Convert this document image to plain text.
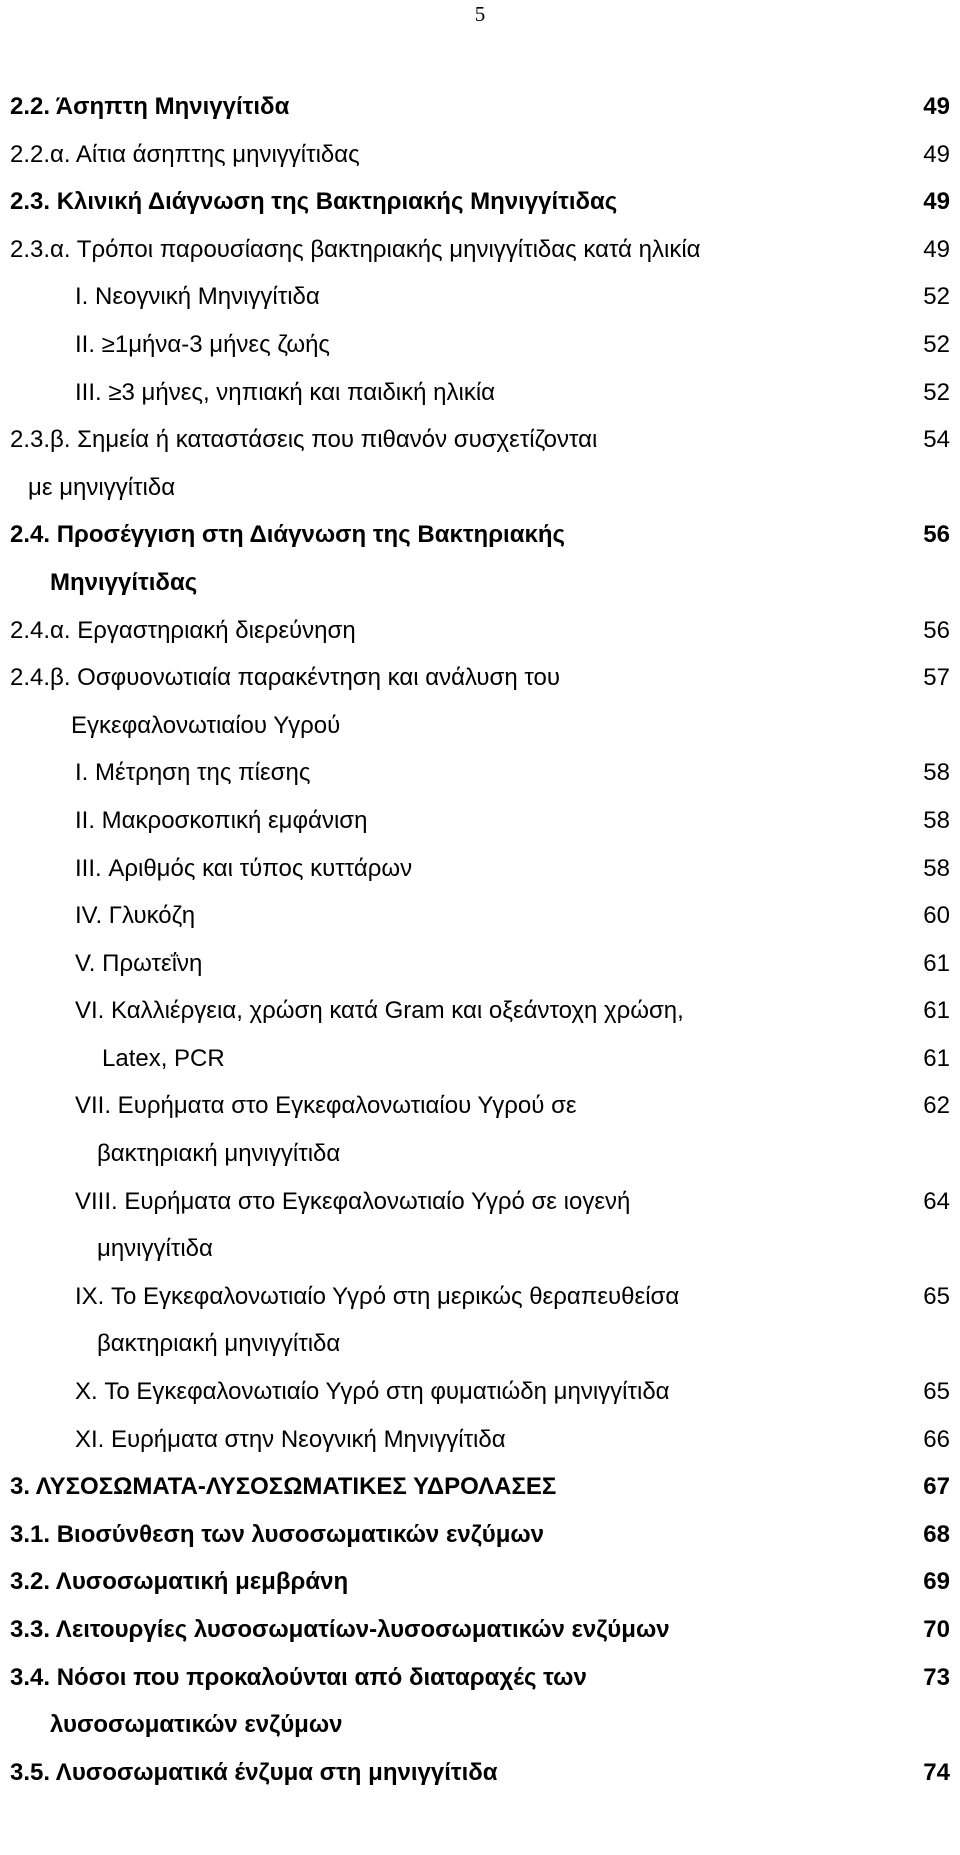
5
2.2. Άσηπτη Μηνιγγίτιδα	49
2.2.α. Αίτια άσηπτης μηνιγγίτιδας	49
2.3. Κλινική Διάγνωση της Βακτηριακής Μηνιγγίτιδας	49
2.3.α. Τρόποι παρουσίασης βακτηριακής μηνιγγίτιδας κατά ηλικία	49
I. Νεογνική Μηνιγγίτιδα	52
II. ≥1μήνα-3 μήνες ζωής	52
III. ≥3 μήνες, νηπιακή και παιδική ηλικία	52
2.3.β. Σημεία ή καταστάσεις που πιθανόν συσχετίζονται	54
με μηνιγγίτιδα
2.4. Προσέγγιση στη Διάγνωση της Βακτηριακής	56
Μηνιγγίτιδας
2.4.α. Εργαστηριακή διερεύνηση	56
2.4.β. Οσφυονωτιαία παρακέντηση και ανάλυση του	57
Εγκεφαλονωτιαίου Υγρού
I. Μέτρηση της πίεσης	58
II. Μακροσκοπική εμφάνιση	58
III. Αριθμός και τύπος κυττάρων	58
IV. Γλυκόζη	60
V. Πρωτεΐνη	61
VI. Καλλιέργεια, χρώση κατά Gram και οξεάντοχη χρώση,	61
Latex, PCR	61
VII. Ευρήματα στο Εγκεφαλονωτιαίου Υγρού σε	62
βακτηριακή μηνιγγίτιδα
VIII. Ευρήματα στο Εγκεφαλονωτιαίο Υγρό σε ιογενή	64
μηνιγγίτιδα
IX. Το Εγκεφαλονωτιαίο Υγρό στη μερικώς θεραπευθείσα	65
βακτηριακή μηνιγγίτιδα
X. Το Εγκεφαλονωτιαίο Υγρό στη φυματιώδη μηνιγγίτιδα	65
XI. Ευρήματα στην Νεογνική Μηνιγγίτιδα	66
3. ΛΥΣΟΣΩΜΑΤΑ-ΛΥΣΟΣΩΜΑΤΙΚΕΣ ΥΔΡΟΛΑΣΕΣ	67
3.1. Βιοσύνθεση των λυσοσωματικών ενζύμων	68
3.2. Λυσοσωματική μεμβράνη	69
3.3. Λειτουργίες λυσοσωματίων-λυσοσωματικών ενζύμων	70
3.4. Νόσοι που προκαλούνται από διαταραχές των	73
λυσοσωματικών ενζύμων
3.5. Λυσοσωματικά ένζυμα στη μηνιγγίτιδα	74
